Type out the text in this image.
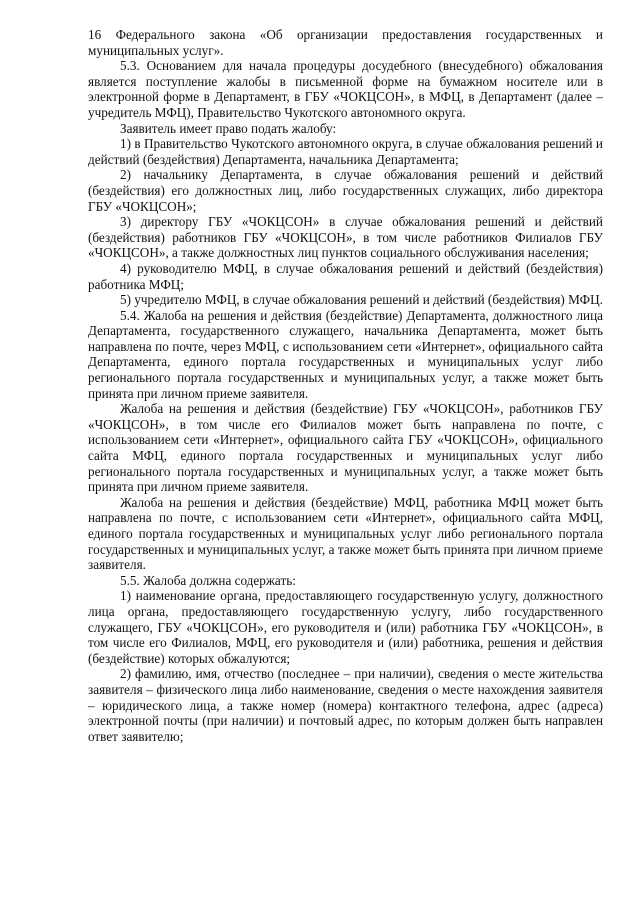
16 Федерального закона «Об организации предоставления государственных и муниципальных услуг».

5.3. Основанием для начала процедуры досудебного (внесудебного) обжалования является поступление жалобы в письменной форме на бумажном носителе или в электронной форме в Департамент, в ГБУ «ЧОКЦСОН», в МФЦ, в Департамент (далее – учредитель МФЦ), Правительство Чукотского автономного округа.

Заявитель имеет право подать жалобу:

1) в Правительство Чукотского автономного округа, в случае обжалования решений и действий (бездействия) Департамента, начальника Департамента;

2) начальнику Департамента, в случае обжалования решений и действий (бездействия) его должностных лиц, либо государственных служащих, либо директора ГБУ «ЧОКЦСОН»;

3) директору ГБУ «ЧОКЦСОН» в случае обжалования решений и действий (бездействия) работников ГБУ «ЧОКЦСОН», в том числе работников Филиалов ГБУ «ЧОКЦСОН», а также должностных лиц пунктов социального обслуживания населения;

4) руководителю МФЦ, в случае обжалования решений и действий (бездействия) работника МФЦ;

5) учредителю МФЦ, в случае обжалования решений и действий (бездействия) МФЦ.

5.4. Жалоба на решения и действия (бездействие) Департамента, должностного лица Департамента, государственного служащего, начальника Департамента, может быть направлена по почте, через МФЦ, с использованием сети «Интернет», официального сайта Департамента, единого портала государственных и муниципальных услуг либо регионального портала государственных и муниципальных услуг, а также может быть принята при личном приеме заявителя.

Жалоба на решения и действия (бездействие) ГБУ «ЧОКЦСОН», работников ГБУ «ЧОКЦСОН», в том числе его Филиалов может быть направлена по почте, с использованием сети «Интернет», официального сайта ГБУ «ЧОКЦСОН», официального сайта МФЦ, единого портала государственных и муниципальных услуг либо регионального портала государственных и муниципальных услуг, а также может быть принята при личном приеме заявителя.

Жалоба на решения и действия (бездействие) МФЦ, работника МФЦ может быть направлена по почте, с использованием сети «Интернет», официального сайта МФЦ, единого портала государственных и муниципальных услуг либо регионального портала государственных и муниципальных услуг, а также может быть принята при личном приеме заявителя.

5.5. Жалоба должна содержать:

1) наименование органа, предоставляющего государственную услугу, должностного лица органа, предоставляющего государственную услугу, либо государственного служащего, ГБУ «ЧОКЦСОН», его руководителя и (или) работника ГБУ «ЧОКЦСОН», в том числе его Филиалов, МФЦ, его руководителя и (или) работника, решения и действия (бездействие) которых обжалуются;

2) фамилию, имя, отчество (последнее – при наличии), сведения о месте жительства заявителя – физического лица либо наименование, сведения о месте нахождения заявителя – юридического лица, а также номер (номера) контактного телефона, адрес (адреса) электронной почты (при наличии) и почтовый адрес, по которым должен быть направлен ответ заявителю;
